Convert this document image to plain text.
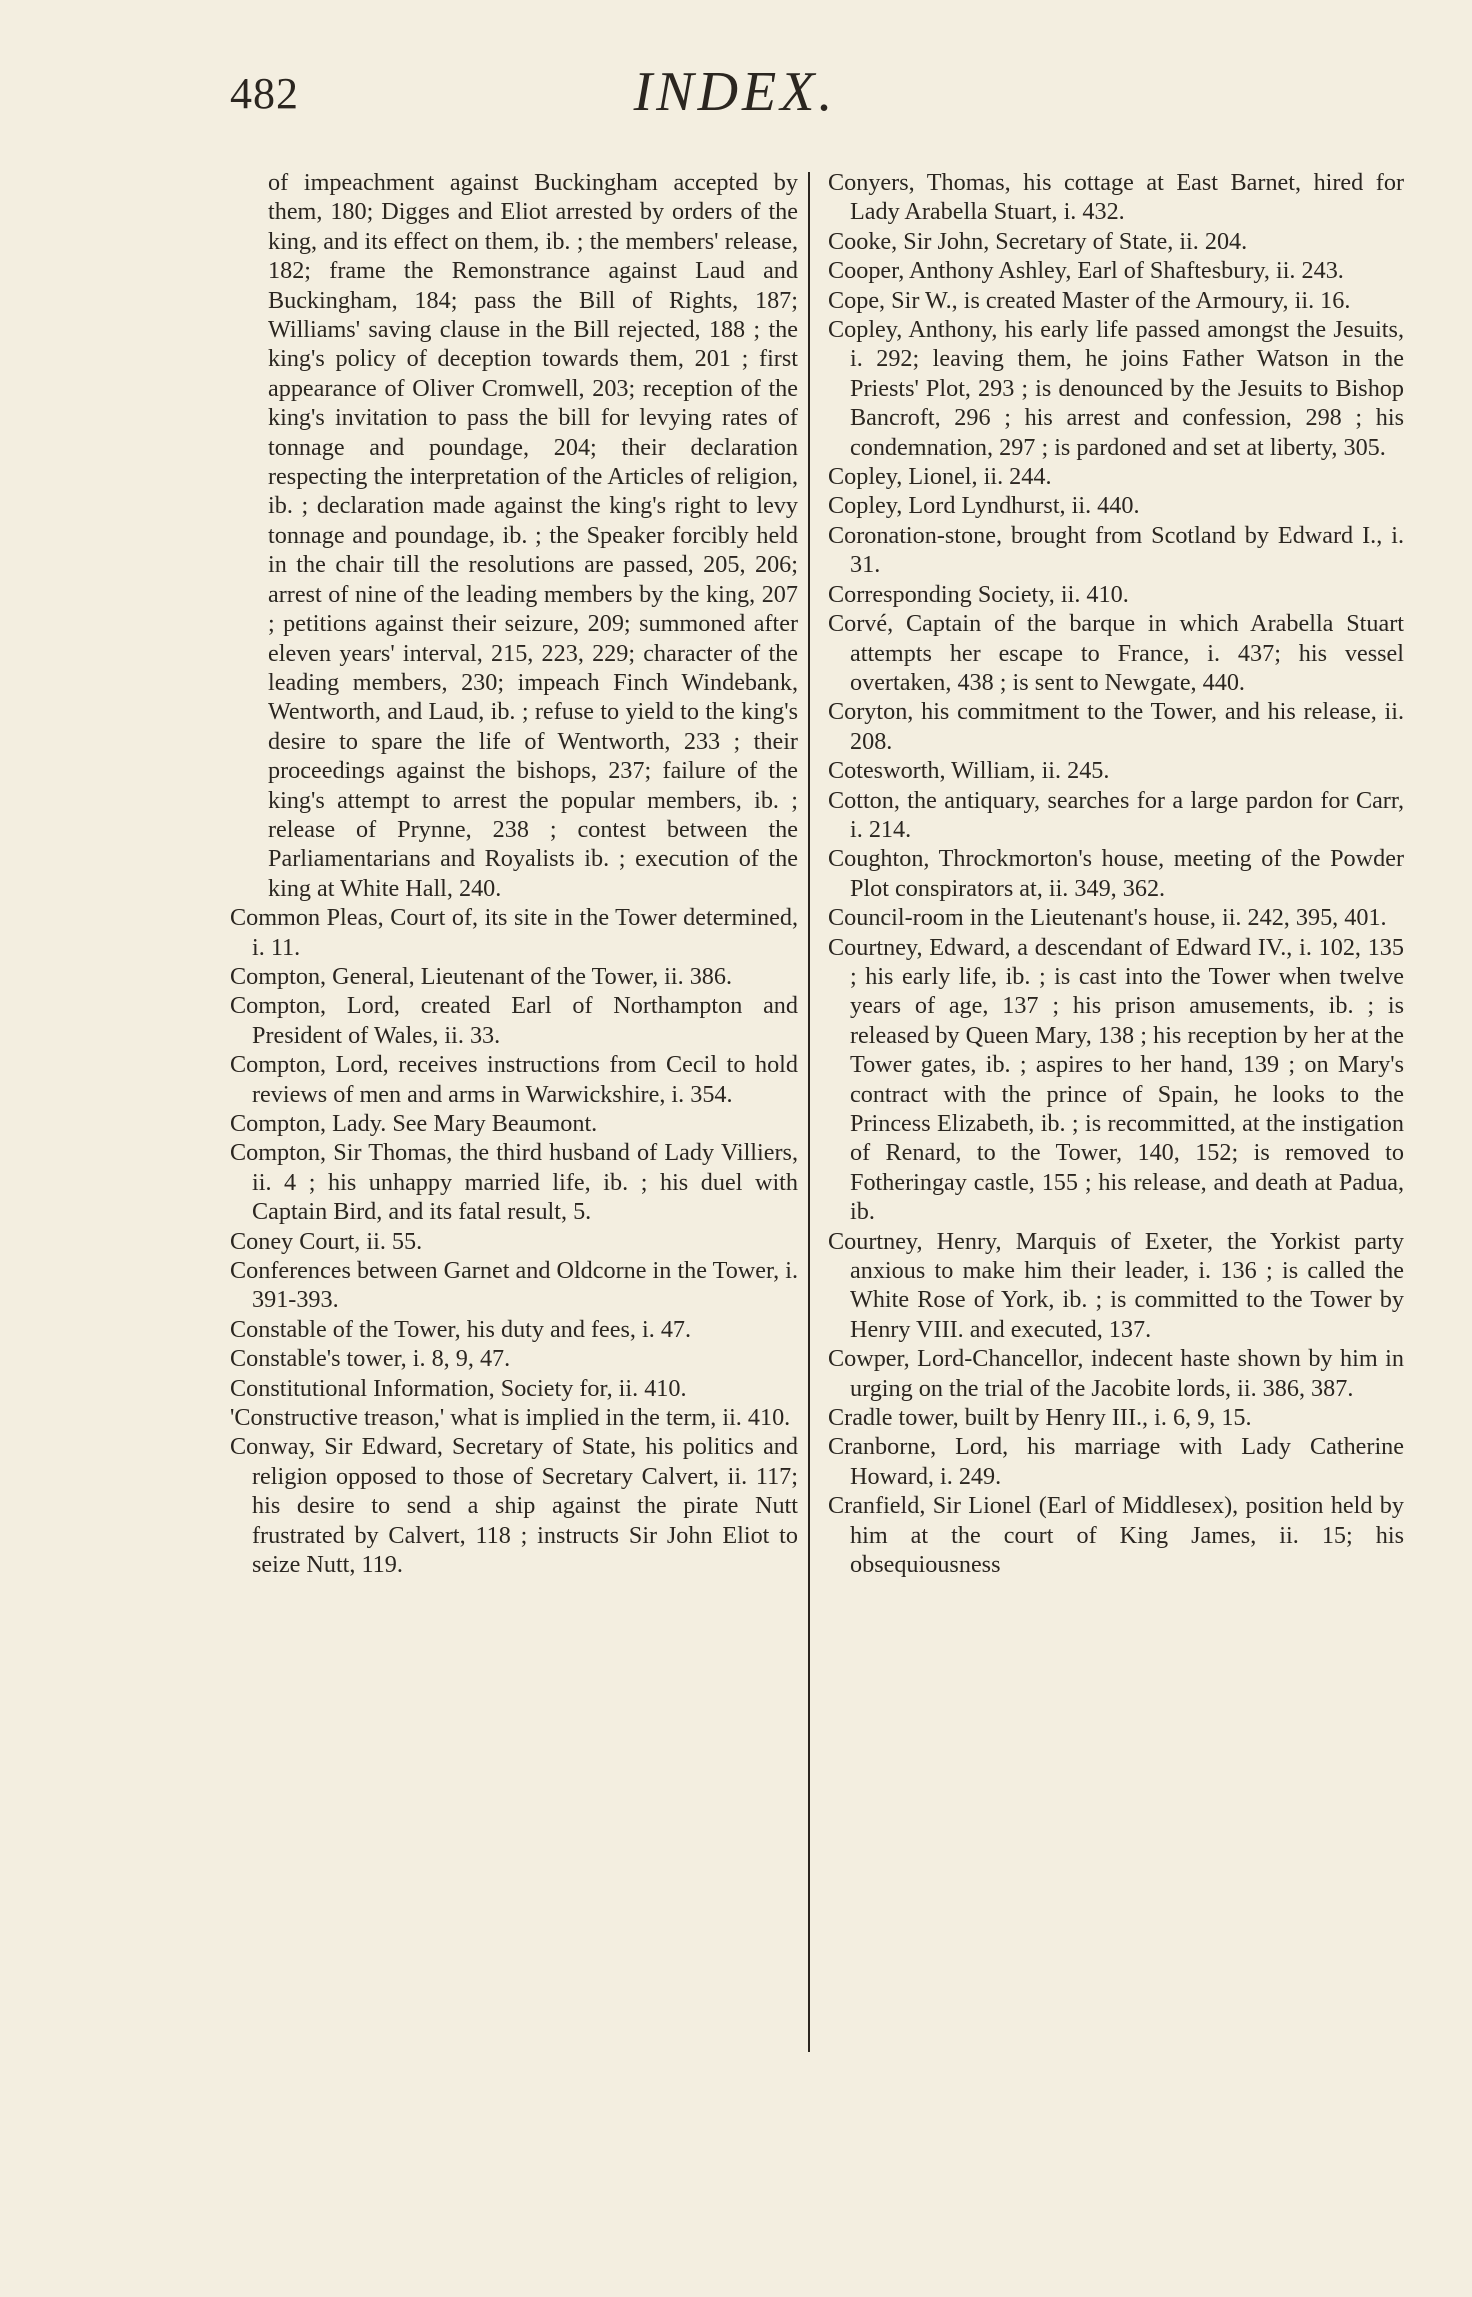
482	INDEX.

of impeachment against Buckingham accepted by them, 180; Digges and Eliot arrested by orders of the king, and its effect on them, ib. ; the members' release, 182; frame the Remonstrance against Laud and Buckingham, 184; pass the Bill of Rights, 187; Williams' saving clause in the Bill rejected, 188 ; the king's policy of deception towards them, 201 ; first appearance of Oliver Cromwell, 203; reception of the king's invitation to pass the bill for levying rates of tonnage and poundage, 204; their declaration respecting the interpretation of the Articles of religion, ib. ; declaration made against the king's right to levy tonnage and poundage, ib. ; the Speaker forcibly held in the chair till the resolutions are passed, 205, 206; arrest of nine of the leading members by the king, 207 ; petitions against their seizure, 209; summoned after eleven years' interval, 215, 223, 229; character of the leading members, 230; impeach Finch Windebank, Wentworth, and Laud, ib. ; refuse to yield to the king's desire to spare the life of Wentworth, 233 ; their proceedings against the bishops, 237; failure of the king's attempt to arrest the popular members, ib. ; release of Prynne, 238 ; contest between the Parliamentarians and Royalists ib. ; execution of the king at White Hall, 240.

Common Pleas, Court of, its site in the Tower determined, i. 11.

Compton, General, Lieutenant of the Tower, ii. 386.

Compton, Lord, created Earl of Northampton and President of Wales, ii. 33.

Compton, Lord, receives instructions from Cecil to hold reviews of men and arms in Warwickshire, i. 354.

Compton, Lady. See Mary Beaumont.

Compton, Sir Thomas, the third husband of Lady Villiers, ii. 4 ; his unhappy married life, ib. ; his duel with Captain Bird, and its fatal result, 5.

Coney Court, ii. 55.

Conferences between Garnet and Oldcorne in the Tower, i. 391-393.

Constable of the Tower, his duty and fees, i. 47.

Constable's tower, i. 8, 9, 47.

Constitutional Information, Society for, ii. 410.

'Constructive treason,' what is implied in the term, ii. 410.

Conway, Sir Edward, Secretary of State, his politics and religion opposed to those of Secretary Calvert, ii. 117; his desire to send a ship against the pirate Nutt frustrated by Calvert, 118 ; instructs Sir John Eliot to seize Nutt, 119.

Conyers, Thomas, his cottage at East Barnet, hired for Lady Arabella Stuart, i. 432.

Cooke, Sir John, Secretary of State, ii. 204.

Cooper, Anthony Ashley, Earl of Shaftesbury, ii. 243.

Cope, Sir W., is created Master of the Armoury, ii. 16.

Copley, Anthony, his early life passed amongst the Jesuits, i. 292; leaving them, he joins Father Watson in the Priests' Plot, 293 ; is denounced by the Jesuits to Bishop Bancroft, 296 ; his arrest and confession, 298 ; his condemnation, 297 ; is pardoned and set at liberty, 305.

Copley, Lionel, ii. 244.

Copley, Lord Lyndhurst, ii. 440.

Coronation-stone, brought from Scotland by Edward I., i. 31.

Corresponding Society, ii. 410.

Corvé, Captain of the barque in which Arabella Stuart attempts her escape to France, i. 437; his vessel overtaken, 438 ; is sent to Newgate, 440.

Coryton, his commitment to the Tower, and his release, ii. 208.

Cotesworth, William, ii. 245.

Cotton, the antiquary, searches for a large pardon for Carr, i. 214.

Coughton, Throckmorton's house, meeting of the Powder Plot conspirators at, ii. 349, 362.

Council-room in the Lieutenant's house, ii. 242, 395, 401.

Courtney, Edward, a descendant of Edward IV., i. 102, 135 ; his early life, ib. ; is cast into the Tower when twelve years of age, 137 ; his prison amusements, ib. ; is released by Queen Mary, 138 ; his reception by her at the Tower gates, ib. ; aspires to her hand, 139 ; on Mary's contract with the prince of Spain, he looks to the Princess Elizabeth, ib. ; is recommitted, at the instigation of Renard, to the Tower, 140, 152; is removed to Fotheringay castle, 155 ; his release, and death at Padua, ib.

Courtney, Henry, Marquis of Exeter, the Yorkist party anxious to make him their leader, i. 136 ; is called the White Rose of York, ib. ; is committed to the Tower by Henry VIII. and executed, 137.

Cowper, Lord-Chancellor, indecent haste shown by him in urging on the trial of the Jacobite lords, ii. 386, 387.

Cradle tower, built by Henry III., i. 6, 9, 15.

Cranborne, Lord, his marriage with Lady Catherine Howard, i. 249.

Cranfield, Sir Lionel (Earl of Middlesex), position held by him at the court of King James, ii. 15; his obsequiousness
